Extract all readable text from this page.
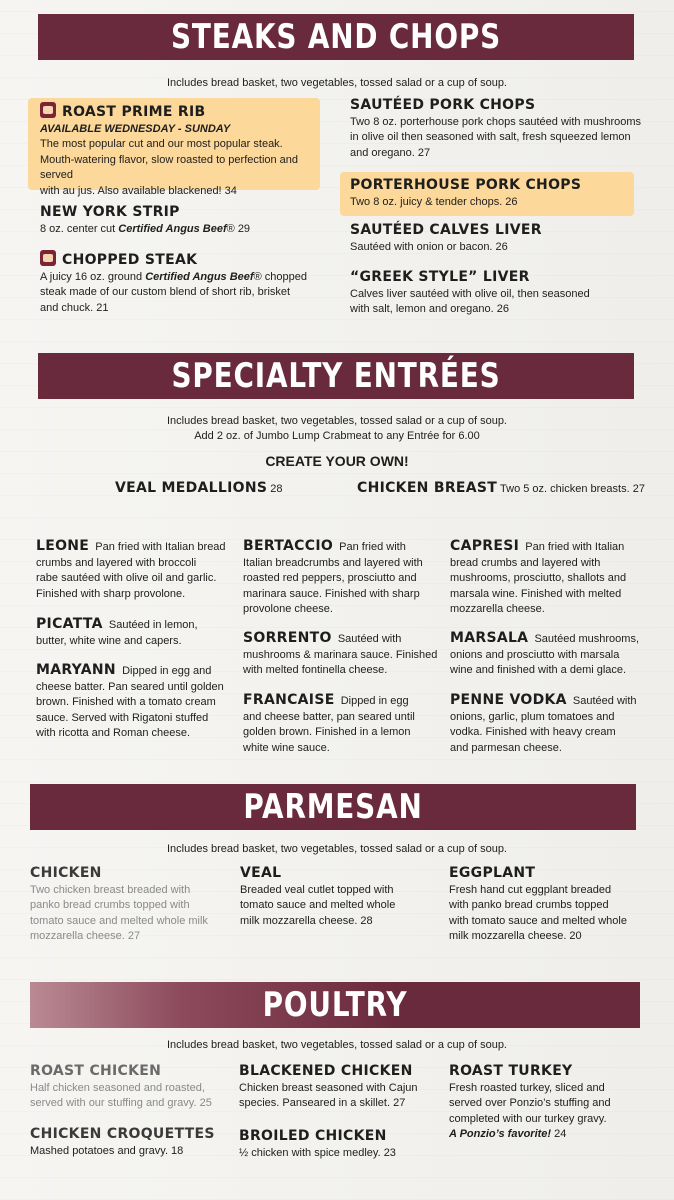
STEAKS AND CHOPS
Includes bread basket, two vegetables, tossed salad or a cup of soup.
ROAST PRIME RIB
AVAILABLE WEDNESDAY - SUNDAY
The most popular cut and our most popular steak.
Mouth-watering flavor, slow roasted to perfection and served
with au jus. Also available blackened! 34
NEW YORK STRIP
8 oz. center cut Certified Angus Beef® 29
CHOPPED STEAK
A juicy 16 oz. ground Certified Angus Beef® chopped
steak made of our custom blend of short rib, brisket
and chuck. 21
SAUTÉED PORK CHOPS
Two 8 oz. porterhouse pork chops sautéed with mushrooms
in olive oil then seasoned with salt, fresh squeezed lemon
and oregano. 27
PORTERHOUSE PORK CHOPS
Two 8 oz. juicy & tender chops. 26
SAUTÉED CALVES LIVER
Sautéed with onion or bacon. 26
“GREEK STYLE” LIVER
Calves liver sautéed with olive oil, then seasoned
with salt, lemon and oregano. 26
SPECIALTY ENTRÉES
Includes bread basket, two vegetables, tossed salad or a cup of soup.
Add 2 oz. of Jumbo Lump Crabmeat to any Entrée for 6.00
CREATE YOUR OWN!
VEAL MEDALLIONS 28	CHICKEN BREAST Two 5 oz. chicken breasts. 27
LEONE Pan fried with Italian bread
crumbs and layered with broccoli
rabe sautéed with olive oil and garlic.
Finished with sharp provolone.
PICATTA Sautéed in lemon,
butter, white wine and capers.
MARYANN Dipped in egg and
cheese batter. Pan seared until golden
brown. Finished with a tomato cream
sauce. Served with Rigatoni stuffed
with ricotta and Roman cheese.
BERTACCIO Pan fried with
Italian breadcrumbs and layered with
roasted red peppers, prosciutto and
marinara sauce. Finished with sharp
provolone cheese.
SORRENTO Sautéed with
mushrooms & marinara sauce. Finished
with melted fontinella cheese.
FRANCAISE Dipped in egg
and cheese batter, pan seared until
golden brown. Finished in a lemon
white wine sauce.
CAPRESI Pan fried with Italian
bread crumbs and layered with
mushrooms, prosciutto, shallots and
marsala wine. Finished with melted
mozzarella cheese.
MARSALA Sautéed mushrooms,
onions and prosciutto with marsala
wine and finished with a demi glace.
PENNE VODKA Sautéed with
onions, garlic, plum tomatoes and
vodka. Finished with heavy cream
and parmesan cheese.
PARMESAN
Includes bread basket, two vegetables, tossed salad or a cup of soup.
CHICKEN
Two chicken breast breaded with
panko bread crumbs topped with
tomato sauce and melted whole milk
mozzarella cheese. 27
VEAL
Breaded veal cutlet topped with
tomato sauce and melted whole
milk mozzarella cheese. 28
EGGPLANT
Fresh hand cut eggplant breaded
with panko bread crumbs topped
with tomato sauce and melted whole
milk mozzarella cheese. 20
POULTRY
Includes bread basket, two vegetables, tossed salad or a cup of soup.
ROAST CHICKEN
Half chicken seasoned and roasted,
served with our stuffing and gravy. 25
CHICKEN CROQUETTES
Mashed potatoes and gravy. 18
BLACKENED CHICKEN
Chicken breast seasoned with Cajun
species. Panseared in a skillet. 27
BROILED CHICKEN
½ chicken with spice medley. 23
ROAST TURKEY
Fresh roasted turkey, sliced and
served over Ponzio’s stuffing and
completed with our turkey gravy.
A Ponzio’s favorite! 24
